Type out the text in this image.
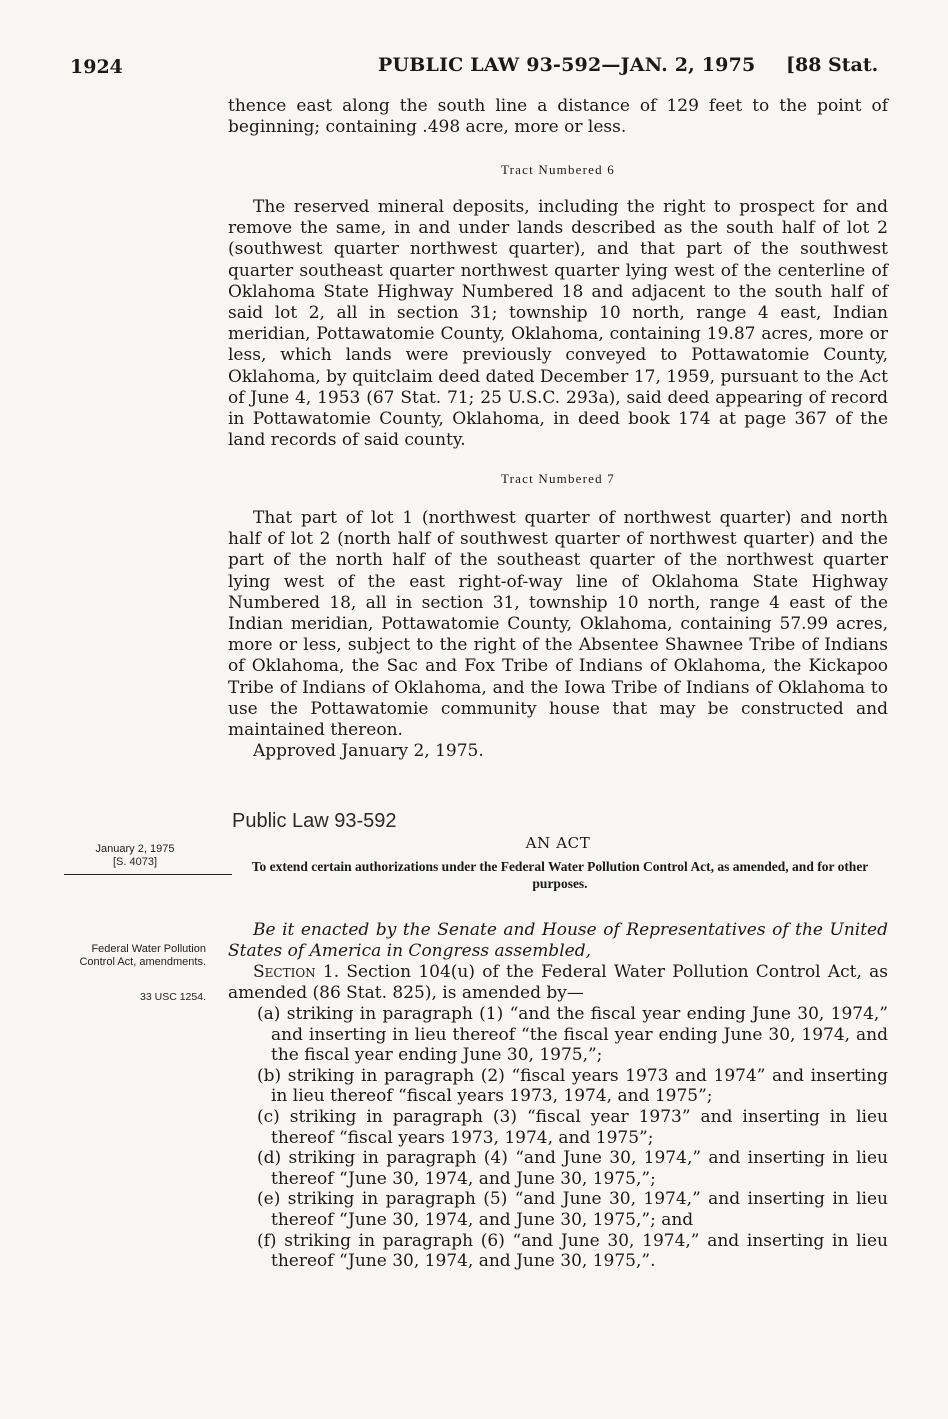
1924	PUBLIC LAW 93-592—JAN. 2, 1975 [88 Stat.

thence east along the south line a distance of 129 feet to the point of beginning; containing .498 acre, more or less.

Tract Numbered 6

The reserved mineral deposits, including the right to prospect for and remove the same, in and under lands described as the south half of lot 2 (southwest quarter northwest quarter), and that part of the southwest quarter southeast quarter northwest quarter lying west of the centerline of Oklahoma State Highway Numbered 18 and adjacent to the south half of said lot 2, all in section 31; township 10 north, range 4 east, Indian meridian, Pottawatomie County, Oklahoma, containing 19.87 acres, more or less, which lands were previously conveyed to Pottawatomie County, Oklahoma, by quitclaim deed dated December 17, 1959, pursuant to the Act of June 4, 1953 (67 Stat. 71; 25 U.S.C. 293a), said deed appearing of record in Pottawatomie County, Oklahoma, in deed book 174 at page 367 of the land records of said county.

Tract Numbered 7

That part of lot 1 (northwest quarter of northwest quarter) and north half of lot 2 (north half of southwest quarter of northwest quarter) and the part of the north half of the southeast quarter of the northwest quarter lying west of the east right-of-way line of Oklahoma State Highway Numbered 18, all in section 31, township 10 north, range 4 east of the Indian meridian, Pottawatomie County, Oklahoma, containing 57.99 acres, more or less, subject to the right of the Absentee Shawnee Tribe of Indians of Oklahoma, the Sac and Fox Tribe of Indians of Oklahoma, the Kickapoo Tribe of Indians of Oklahoma, and the Iowa Tribe of Indians of Oklahoma to use the Pottawatomie community house that may be constructed and maintained thereon.

Approved January 2, 1975.

Public Law 93-592
AN ACT
To extend certain authorizations under the Federal Water Pollution Control Act, as amended, and for other purposes.
January 2, 1975
[S. 4073]
Federal Water Pollution Control Act, amendments.
33 USC 1254.

Be it enacted by the Senate and House of Representatives of the United States of America in Congress assembled,

Section 1. Section 104(u) of the Federal Water Pollution Control Act, as amended (86 Stat. 825), is amended by—

(a) striking in paragraph (1) “and the fiscal year ending June 30, 1974,” and inserting in lieu thereof “the fiscal year ending June 30, 1974, and the fiscal year ending June 30, 1975,”;

(b) striking in paragraph (2) “fiscal years 1973 and 1974” and inserting in lieu thereof “fiscal years 1973, 1974, and 1975”;

(c) striking in paragraph (3) “fiscal year 1973” and inserting in lieu thereof “fiscal years 1973, 1974, and 1975”;

(d) striking in paragraph (4) “and June 30, 1974,” and inserting in lieu thereof “June 30, 1974, and June 30, 1975,”;

(e) striking in paragraph (5) “and June 30, 1974,” and inserting in lieu thereof “June 30, 1974, and June 30, 1975,”; and

(f) striking in paragraph (6) “and June 30, 1974,” and inserting in lieu thereof “June 30, 1974, and June 30, 1975,”.
